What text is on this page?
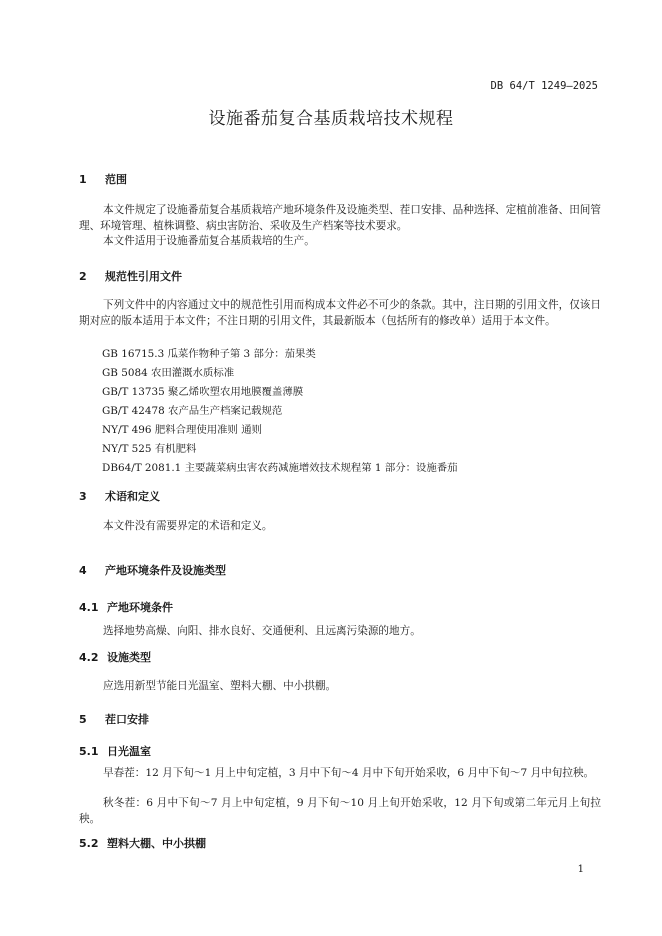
DB 64/T 1249—2025
设施番茄复合基质栽培技术规程
1 范围
本文件规定了设施番茄复合基质栽培产地环境条件及设施类型、茬口安排、品种选择、定植前准备、田间管理、环境管理、植株调整、病虫害防治、采收及生产档案等技术要求。
本文件适用于设施番茄复合基质栽培的生产。
2 规范性引用文件
下列文件中的内容通过文中的规范性引用而构成本文件必不可少的条款。其中，注日期的引用文件，仅该日期对应的版本适用于本文件；不注日期的引用文件，其最新版本（包括所有的修改单）适用于本文件。
GB 16715.3 瓜菜作物种子第 3 部分：茄果类
GB 5084 农田灌溉水质标准
GB/T 13735 聚乙烯吹塑农用地膜覆盖薄膜
GB/T 42478 农产品生产档案记载规范
NY/T 496 肥料合理使用准则 通则
NY/T 525 有机肥料
DB64/T 2081.1 主要蔬菜病虫害农药减施增效技术规程第 1 部分：设施番茄
3 术语和定义
本文件没有需要界定的术语和定义。
4 产地环境条件及设施类型
4.1 产地环境条件
选择地势高燥、向阳、排水良好、交通便利、且远离污染源的地方。
4.2 设施类型
应选用新型节能日光温室、塑料大棚、中小拱棚。
5 茬口安排
5.1 日光温室
早春茬：12 月下旬～1 月上中旬定植，3 月中下旬～4 月中下旬开始采收，6 月中下旬～7 月中旬拉秧。
秋冬茬：6 月中下旬～7 月上中旬定植，9 月下旬～10 月上旬开始采收，12 月下旬或第二年元月上旬拉秧。
5.2 塑料大棚、中小拱棚
1
